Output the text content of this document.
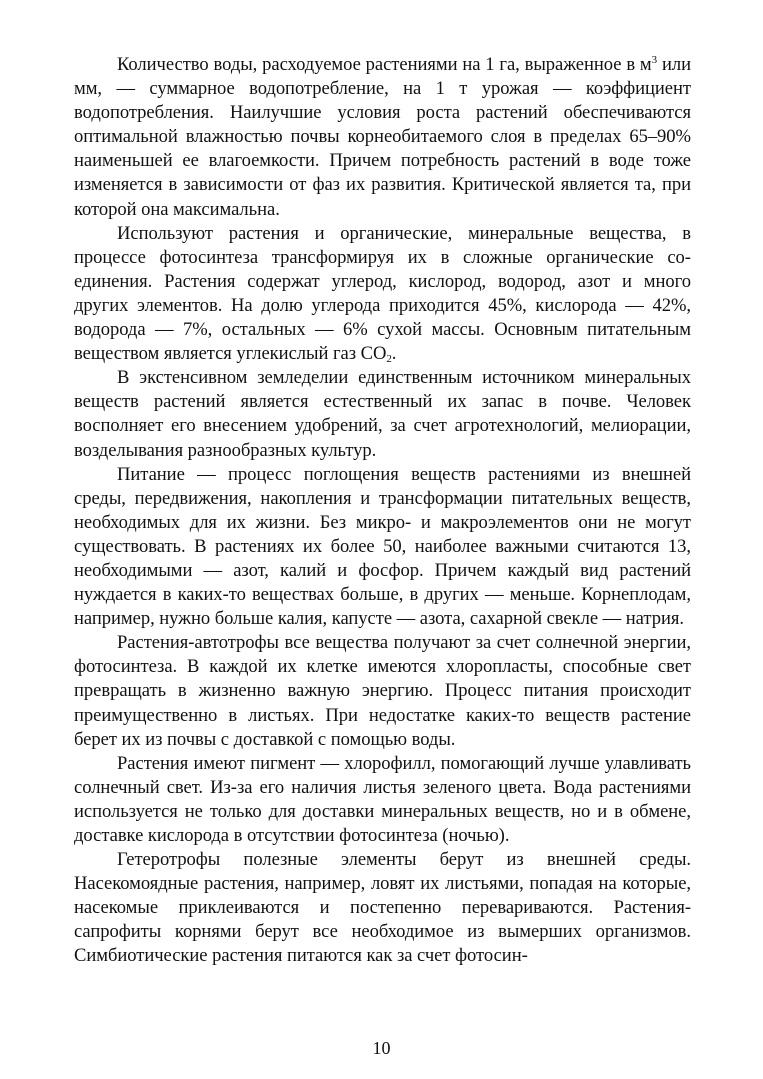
Количество воды, расходуемое растениями на 1 га, выраженное в $м^3$ или мм, — суммарное водопотребление, на 1 т урожая — коэффициент водопотребления. Наилучшие условия роста растений обеспечиваются оптимальной влажностью почвы корнеобитаемого слоя в пределах 65–90% наименьшей ее влагоемкости. Причем потребность растений в воде тоже изменяется в зависимости от фаз их развития. Критической является та, при которой она максимальна.

Используют растения и органические, минеральные вещества, в процессе фотосинтеза трансформируя их в сложные органические соединения. Растения содержат углерод, кислород, водород, азот и много других элементов. На долю углерода приходится 45%, кислорода — 42%, водорода — 7%, остальных — 6% сухой массы. Основным питательным веществом является углекислый газ $CO_2$.

В экстенсивном земледелии единственным источником минеральных веществ растений является естественный их запас в почве. Человек восполняет его внесением удобрений, за счет агротехнологий, мелиорации, возделывания разнообразных культур.

Питание — процесс поглощения веществ растениями из внешней среды, передвижения, накопления и трансформации питательных веществ, необходимых для их жизни. Без микро- и макроэлементов они не могут существовать. В растениях их более 50, наиболее важными считаются 13, необходимыми — азот, калий и фосфор. Причем каждый вид растений нуждается в каких-то веществах больше, в других — меньше. Корнеплодам, например, нужно больше калия, капусте — азота, сахарной свекле — натрия.

Растения-автотрофы все вещества получают за счет солнечной энергии, фотосинтеза. В каждой их клетке имеются хлоропласты, способные свет превращать в жизненно важную энергию. Процесс питания происходит преимущественно в листьях. При недостатке каких-то веществ растение берет их из почвы с доставкой с помощью воды.

Растения имеют пигмент — хлорофилл, помогающий лучше улавливать солнечный свет. Из-за его наличия листья зеленого цвета. Вода растениями используется не только для доставки минеральных веществ, но и в обмене, доставке кислорода в отсутствии фотосинтеза (ночью).

Гетеротрофы полезные элементы берут из внешней среды. Насекомоядные растения, например, ловят их листьями, попадая на которые, насекомые приклеиваются и постепенно перевариваются. Растения-сапрофиты корнями берут все необходимое из вымерших организмов. Симбиотические растения питаются как за счет фотосин-

10
